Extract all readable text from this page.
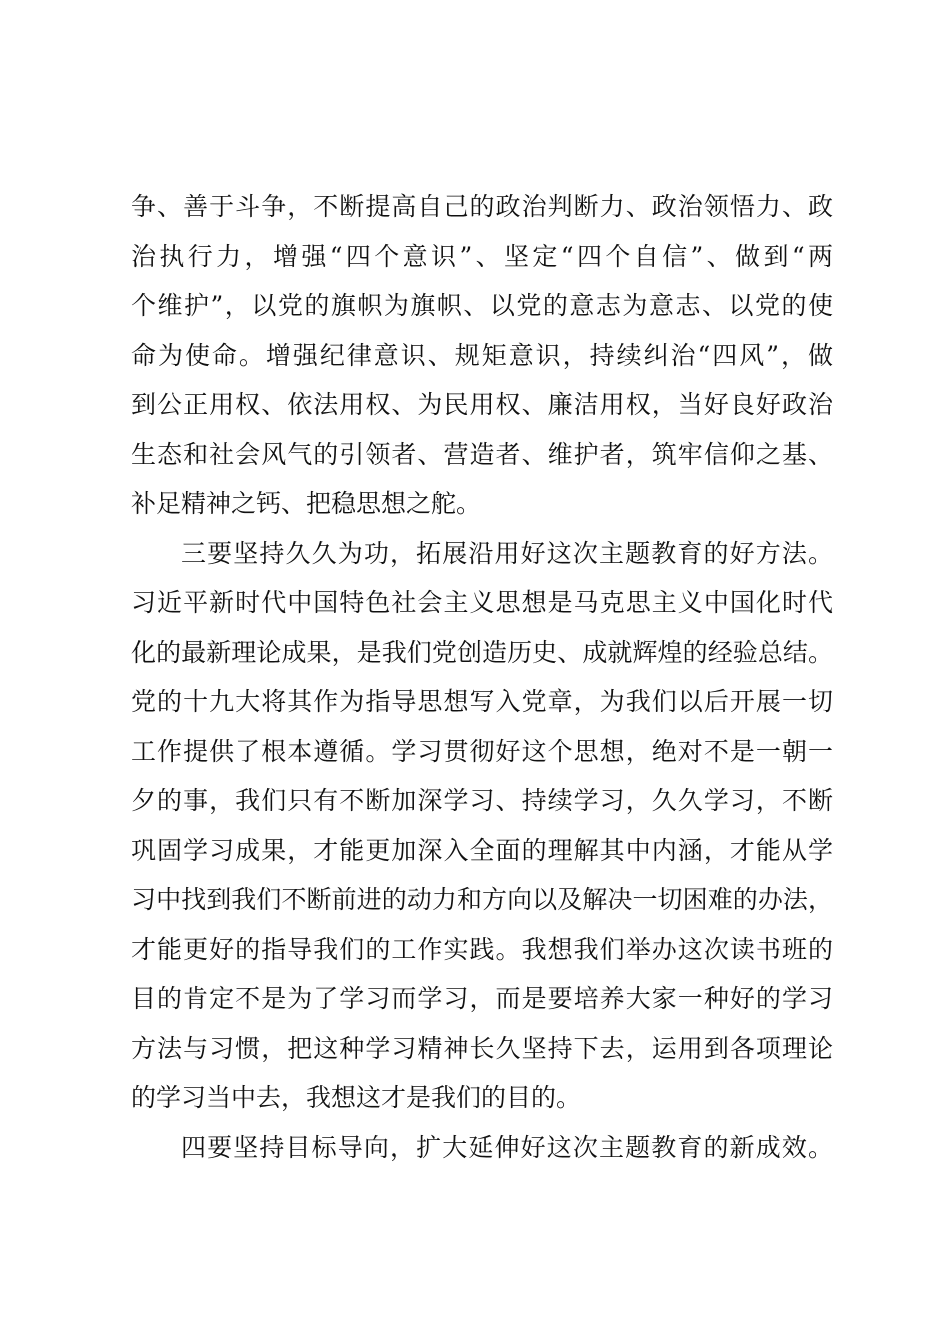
争、善于斗争，不断提高自己的政治判断力、政治领悟力、政
治执行力，增强“四个意识”、坚定“四个自信”、做到“两
个维护”，以党的旗帜为旗帜、以党的意志为意志、以党的使
命为使命。增强纪律意识、规矩意识，持续纠治“四风”，做
到公正用权、依法用权、为民用权、廉洁用权，当好良好政治
生态和社会风气的引领者、营造者、维护者，筑牢信仰之基、
补足精神之钙、把稳思想之舵。
三要坚持久久为功，拓展沿用好这次主题教育的好方法。
习近平新时代中国特色社会主义思想是马克思主义中国化时代
化的最新理论成果，是我们党创造历史、成就辉煌的经验总结。
党的十九大将其作为指导思想写入党章，为我们以后开展一切
工作提供了根本遵循。学习贯彻好这个思想，绝对不是一朝一
夕的事，我们只有不断加深学习、持续学习，久久学习，不断
巩固学习成果，才能更加深入全面的理解其中内涵，才能从学
习中找到我们不断前进的动力和方向以及解决一切困难的办法，
才能更好的指导我们的工作实践。我想我们举办这次读书班的
目的肯定不是为了学习而学习，而是要培养大家一种好的学习
方法与习惯，把这种学习精神长久坚持下去，运用到各项理论
的学习当中去，我想这才是我们的目的。
四要坚持目标导向，扩大延伸好这次主题教育的新成效。
